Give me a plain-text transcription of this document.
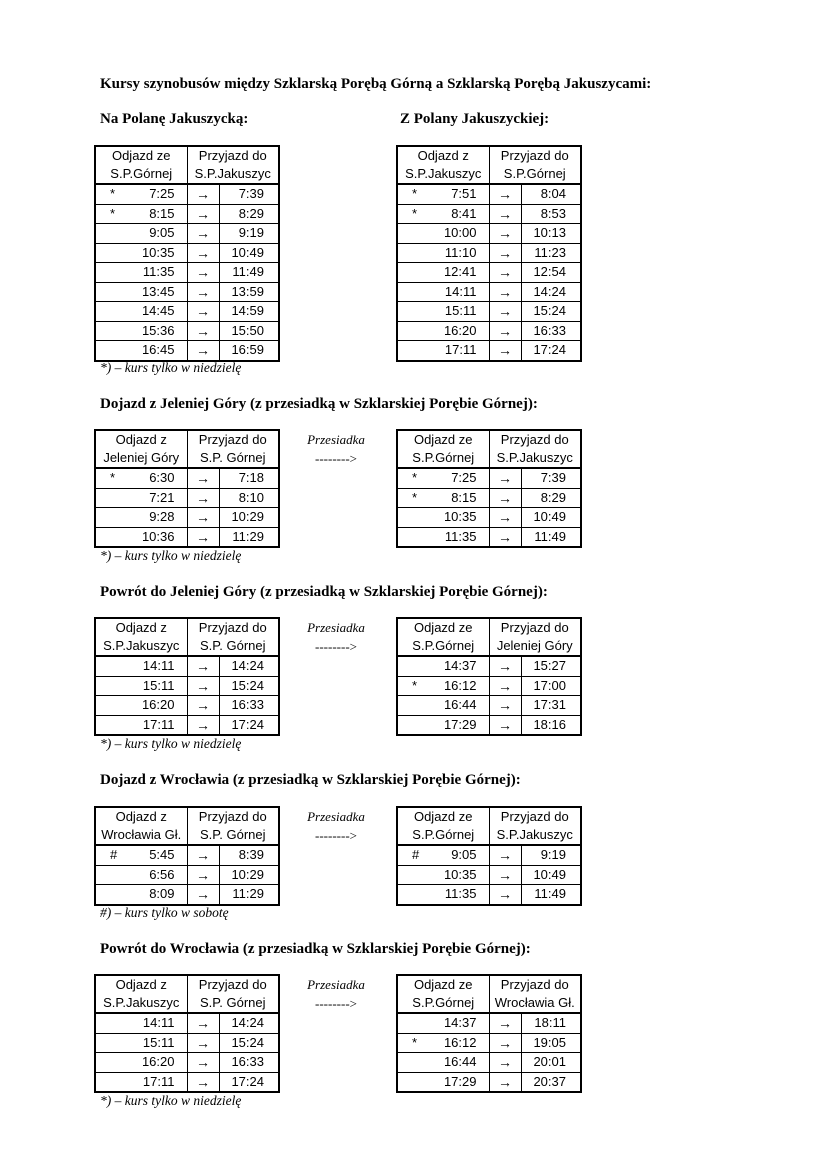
Kursy szynobusów między Szklarską Porębą Górną a Szklarską Porębą Jakuszycami:
Na Polanę Jakuszycką:	Z Polany Jakuszyckiej:
Odjazd ze	Przyjazd do	
S.P.Górnej	S.P.Jakuszyc	

* 7:25	→	7:39

* 8:15	→	8:29

9:05	→	9:19

10:35	→	10:49

11:35	→	11:49

13:45	→	13:59

14:45	→	14:59

15:36	→	15:50

16:45	→	16:59
Odjazd z	Przyjazd do	
S.P.Jakuszyc	S.P.Górnej	

* 7:51	→	8:04

* 8:41	→	8:53

10:00	→	10:13

11:10	→	11:23

12:41	→	12:54

14:11	→	14:24

15:11	→	15:24

16:20	→	16:33

17:11	→	17:24
*) – kurs tylko w niedzielę
Dojazd z Jeleniej Góry (z przesiadką w Szklarskiej Porębie Górnej):
Odjazd z	Przyjazd do	
Jeleniej Góry	S.P. Górnej	

* 6:30	→	7:18

7:21	→	8:10

9:28	→	10:29

10:36	→	11:29
Przesiadka
-------->
Odjazd ze	Przyjazd do	
S.P.Górnej	S.P.Jakuszyc	

* 7:25	→	7:39

* 8:15	→	8:29

10:35	→	10:49

11:35	→	11:49
*) – kurs tylko w niedzielę
Powrót do Jeleniej Góry (z przesiadką w Szklarskiej Porębie Górnej):
Odjazd z	Przyjazd do	
S.P.Jakuszyc	S.P. Górnej	

14:11	→	14:24

15:11	→	15:24

16:20	→	16:33

17:11	→	17:24
Przesiadka
-------->
Odjazd ze	Przyjazd do	
S.P.Górnej	Jeleniej Góry	

14:37	→	15:27

* 16:12	→	17:00

16:44	→	17:31

17:29	→	18:16
*) – kurs tylko w niedzielę
Dojazd z Wrocławia (z przesiadką w Szklarskiej Porębie Górnej):
Odjazd z	Przyjazd do	
Wrocławia Gł.	S.P. Górnej	

# 5:45	→	8:39

6:56	→	10:29

8:09	→	11:29
Przesiadka
-------->
Odjazd ze	Przyjazd do	
S.P.Górnej	S.P.Jakuszyc	

# 9:05	→	9:19

10:35	→	10:49

11:35	→	11:49
#) – kurs tylko w sobotę
Powrót do Wrocławia (z przesiadką w Szklarskiej Porębie Górnej):
Odjazd z	Przyjazd do	
S.P.Jakuszyc	S.P. Górnej	

14:11	→	14:24

15:11	→	15:24

16:20	→	16:33

17:11	→	17:24
Przesiadka
-------->
Odjazd ze	Przyjazd do	
S.P.Górnej	Wrocławia Gł.	

14:37	→	18:11

* 16:12	→	19:05

16:44	→	20:01

17:29	→	20:37
*) – kurs tylko w niedzielę
